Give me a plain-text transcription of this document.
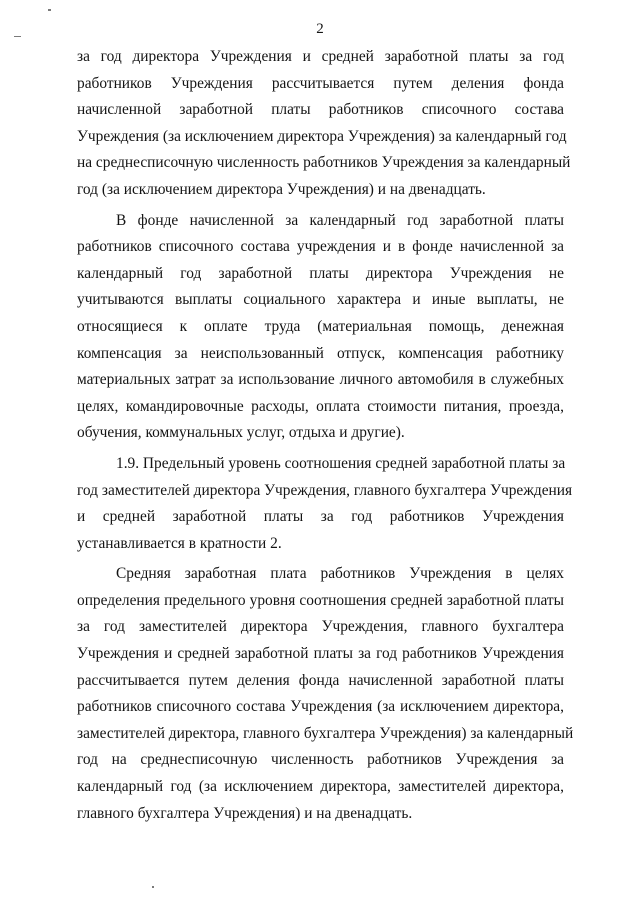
2
за год директора Учреждения и средней заработной платы за год
работников Учреждения рассчитывается путем деления фонда
начисленной заработной платы работников списочного состава
Учреждения (за исключением директора Учреждения) за календарный год
на среднесписочную численность работников Учреждения за календарный
год (за исключением директора Учреждения) и на двенадцать.
В фонде начисленной за календарный год заработной платы
работников списочного состава учреждения и в фонде начисленной за
календарный год заработной платы директора Учреждения не
учитываются выплаты социального характера и иные выплаты, не
относящиеся к оплате труда (материальная помощь, денежная
компенсация за неиспользованный отпуск, компенсация работнику
материальных затрат за использование личного автомобиля в служебных
целях, командировочные расходы, оплата стоимости питания, проезда,
обучения, коммунальных услуг, отдыха и другие).
1.9. Предельный уровень соотношения средней заработной платы за
год заместителей директора Учреждения, главного бухгалтера Учреждения
и средней заработной платы за год работников Учреждения
устанавливается в кратности 2.
Средняя заработная плата работников Учреждения в целях
определения предельного уровня соотношения средней заработной платы
за год заместителей директора Учреждения, главного бухгалтера
Учреждения и средней заработной платы за год работников Учреждения
рассчитывается путем деления фонда начисленной заработной платы
работников списочного состава Учреждения (за исключением директора,
заместителей директора, главного бухгалтера Учреждения) за календарный
год на среднесписочную численность работников Учреждения за
календарный год (за исключением директора, заместителей директора,
главного бухгалтера Учреждения) и на двенадцать.
